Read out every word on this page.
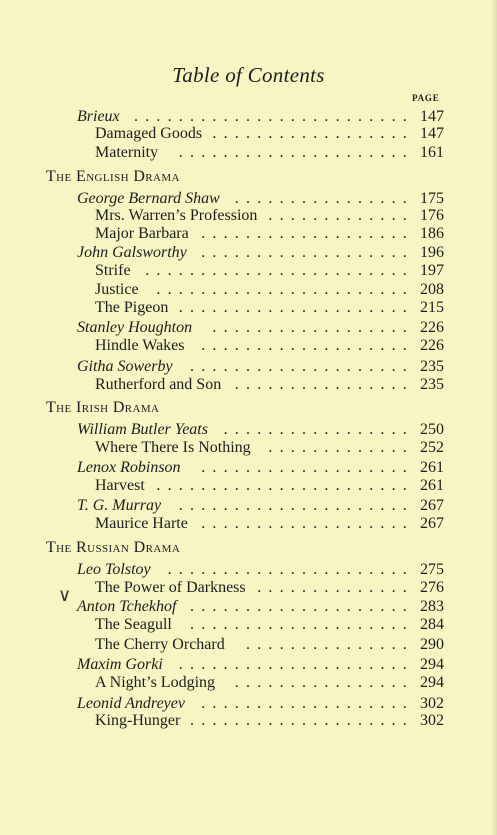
Table of Contents
PAGE
Brieux ......................... 147
Damaged Goods .................. 147
Maternity	..................... 161
The English Drama
George Bernard Shaw ................ 175
Mrs. Warren’s Profession ............. 176
Major Barbara ................... 186
John Galsworthy ................... 196
Strife ........................ 197
Justice	....................... 208
The Pigeon ..................... 215
Stanley Houghton	.................. 226
Hindle Wakes	................... 226
Githa Sowerby	.................... 235
Rutherford and Son ................ 235
The Irish Drama
William Butler Yeats ................. 250
Where There Is Nothing	............. 252
Lenox Robinson	................... 261
Harvest ....................... 261
T. G. Murray	..................... 267
Maurice Harte ................... 267
The Russian Drama
Leo Tolstoy	...................... 275
The Power of Darkness .............. 276
Anton Tchekhof .................... 283
The Seagull	.................... 284
The Cherry Orchard	............... 290
Maxim Gorki	..................... 294
A Night’s Lodging	................ 294
Leonid Andreyev	................... 302
King-Hunger .................... 302
∨
